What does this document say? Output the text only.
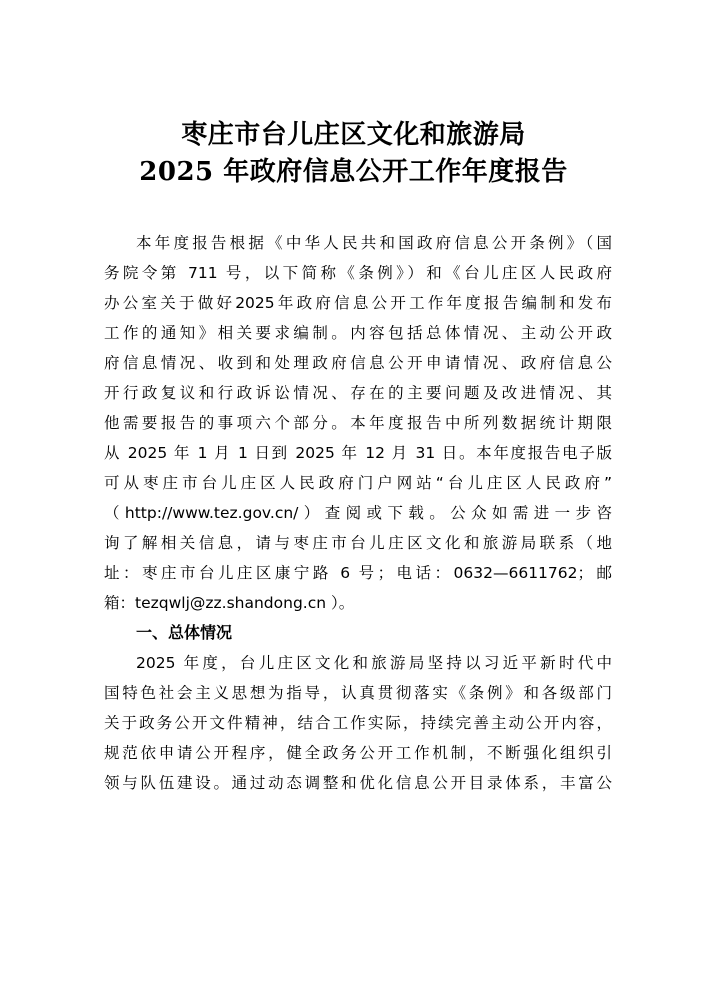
枣庄市台儿庄区文化和旅游局
2025 年政府信息公开工作年度报告
本年度报告根据《中华人民共和国政府信息公开条例》（国
务院令第 711 号，以下简称《条例》）和《台儿庄区人民政府
办公室关于做好2025年政府信息公开工作年度报告编制和发布
工作的通知》相关要求编制。内容包括总体情况、主动公开政
府信息情况、收到和处理政府信息公开申请情况、政府信息公
开行政复议和行政诉讼情况、存在的主要问题及改进情况、其
他需要报告的事项六个部分。本年度报告中所列数据统计期限
从 2025 年 1 月 1 日到 2025 年 12 月 31 日。本年度报告电子版
可从枣庄市台儿庄区人民政府门户网站“台儿庄区人民政府”
（http://www.tez.gov.cn/）查阅或下载。公众如需进一步咨
询了解相关信息，请与枣庄市台儿庄区文化和旅游局联系（地
址：枣庄市台儿庄区康宁路 6 号；电话：0632—6611762；邮
箱：tezqwlj@zz.shandong.cn ）。
一、总体情况
2025 年度，台儿庄区文化和旅游局坚持以习近平新时代中
国特色社会主义思想为指导，认真贯彻落实《条例》和各级部门
关于政务公开文件精神，结合工作实际，持续完善主动公开内容，
规范依申请公开程序，健全政务公开工作机制，不断强化组织引
领与队伍建设。通过动态调整和优化信息公开目录体系，丰富公
